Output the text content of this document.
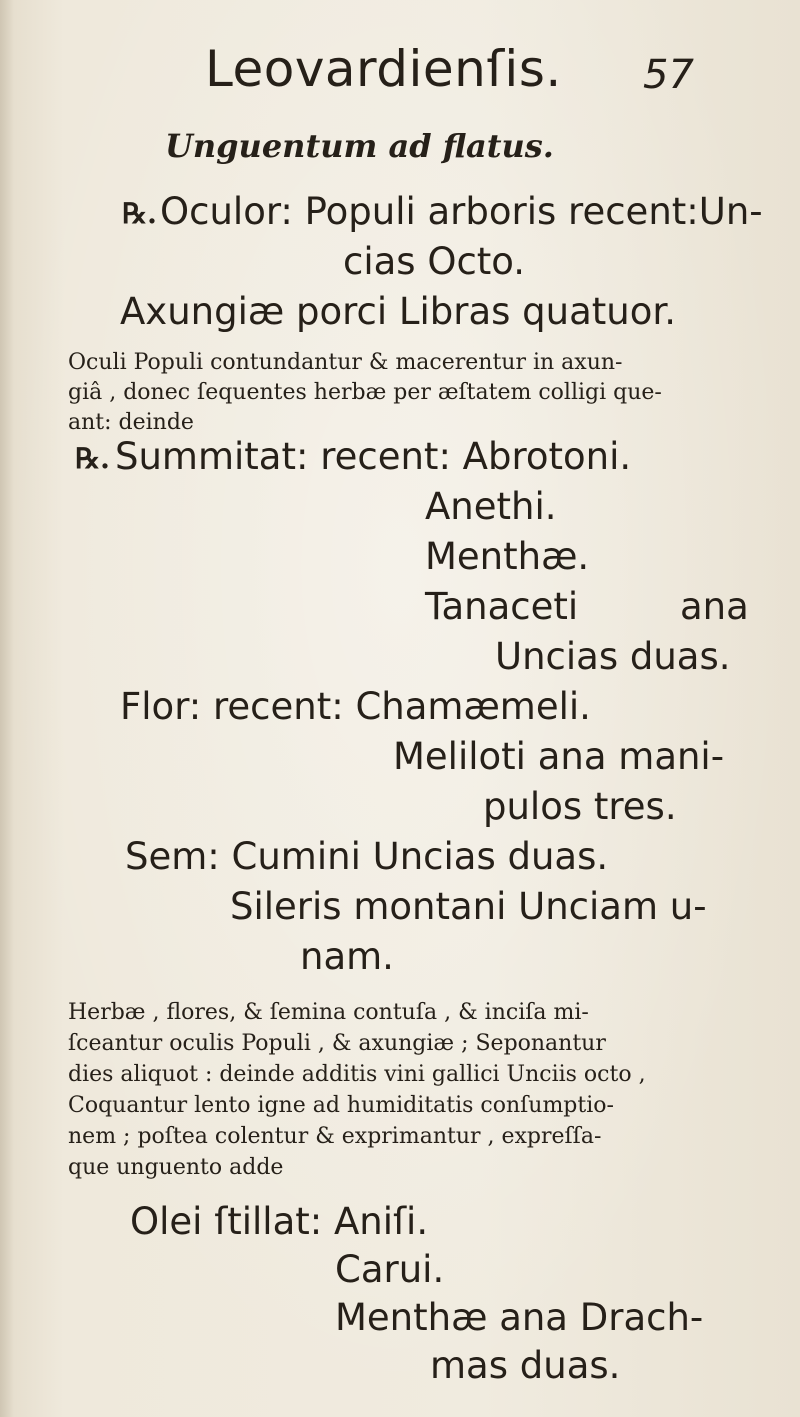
Leovardienſis. 57
Unguentum ad flatus.
℞. Oculor: Populi arboris recent:Un-
cias Octo.
Axungiæ porci Libras quatuor.
Oculi Populi contundantur & macerentur in axun-
giâ , donec ſequentes herbæ per æſtatem colligi que-
ant: deinde
℞. Summitat: recent: Abrotoni.
Anethi.
Menthæ.
Tanaceti	ana
Uncias duas.
Flor: recent: Chamæmeli.
Meliloti ana mani-
pulos tres.
Sem: Cumini Uncias duas.
Sileris montani Unciam u-
nam.
Herbæ , flores, & ſemina contuſa , & inciſa mi-
ſceantur oculis Populi , & axungiæ ; Seponantur
dies aliquot : deinde additis vini gallici Unciis octo ,
Coquantur lento igne ad humiditatis conſumptio-
nem ; poſtea colentur & exprimantur , expreſſa-
que unguento adde
Olei ſtillat: Aniſi.
Carui.
Menthæ ana Drach-
mas duas.
